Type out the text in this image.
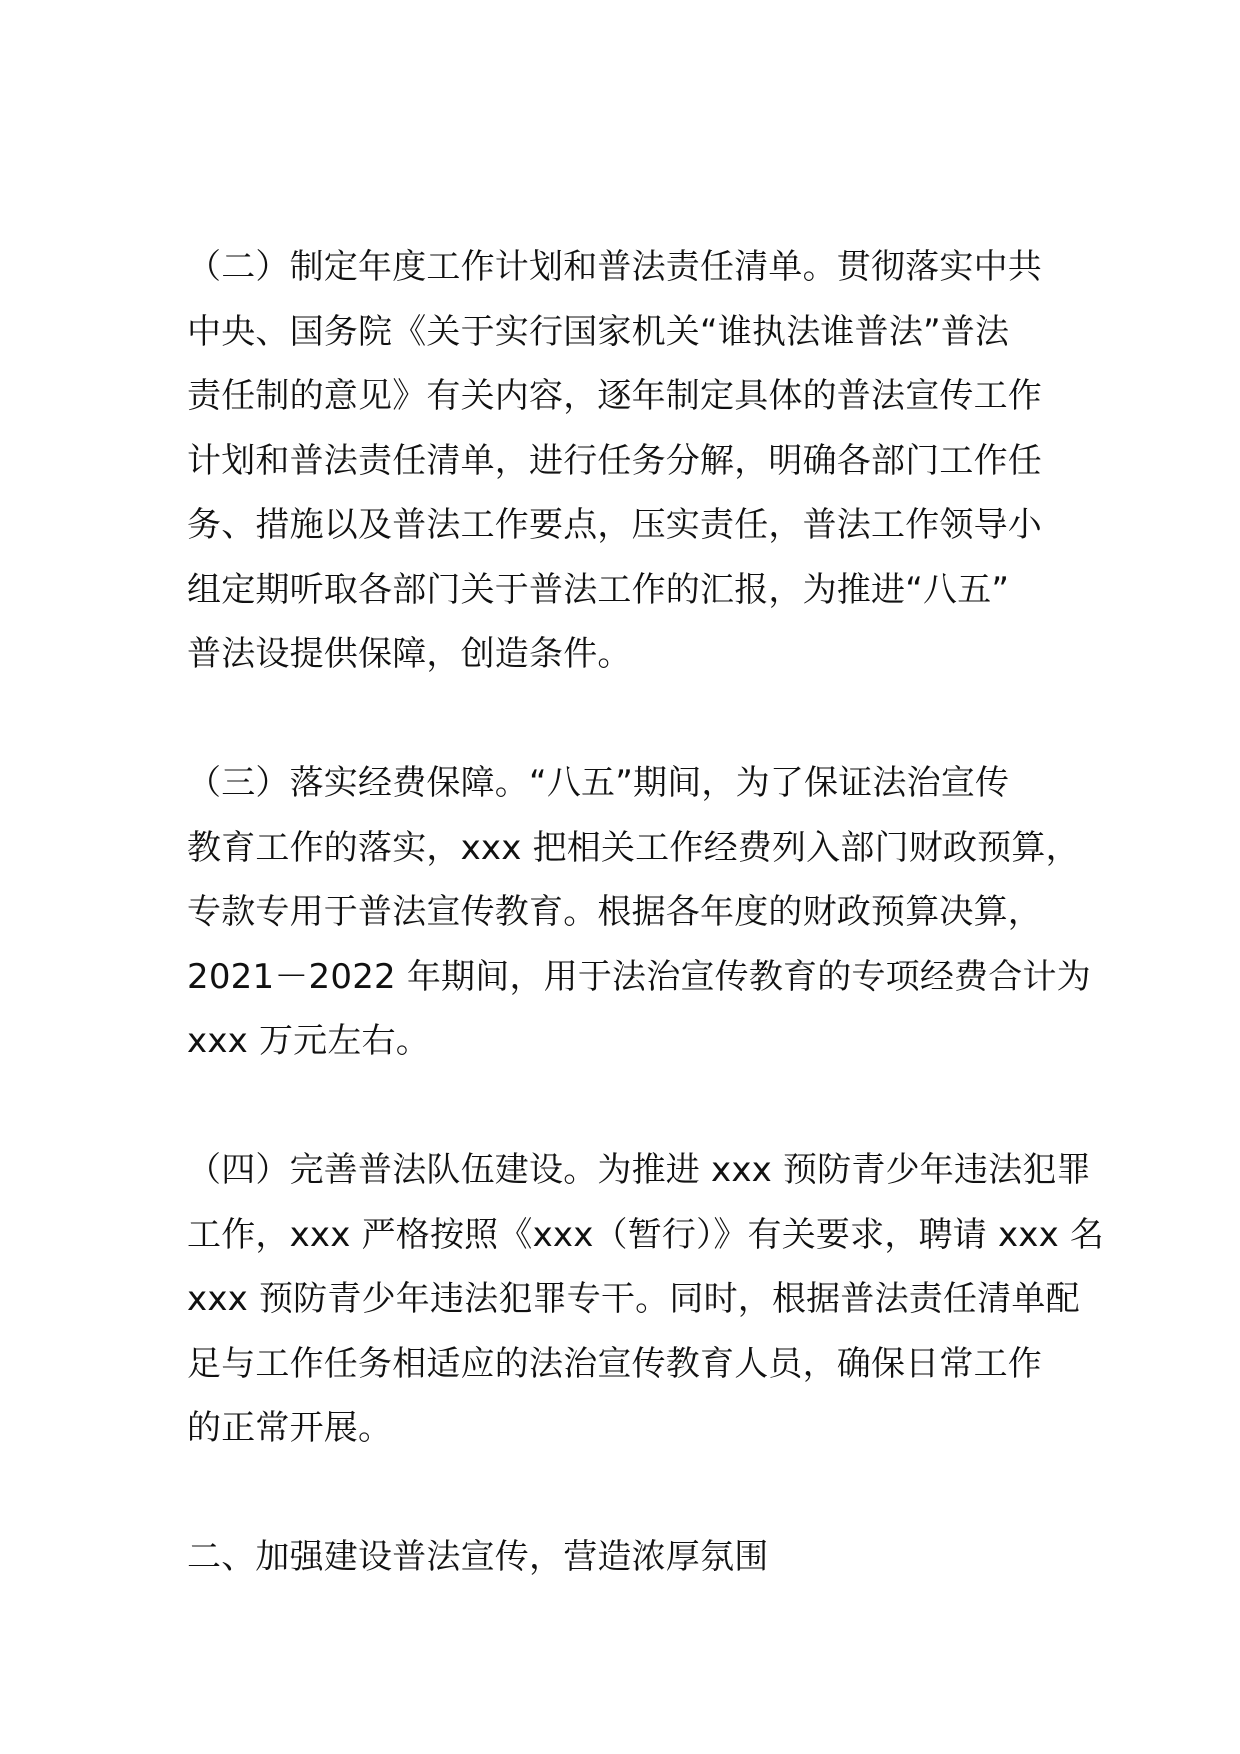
（二）制定年度工作计划和普法责任清单。贯彻落实中共
中央、国务院《关于实行国家机关“谁执法谁普法”普法
责任制的意见》有关内容，逐年制定具体的普法宣传工作
计划和普法责任清单，进行任务分解，明确各部门工作任
务、措施以及普法工作要点，压实责任，普法工作领导小
组定期听取各部门关于普法工作的汇报，为推进“八五”
普法设提供保障，创造条件。
（三）落实经费保障。“八五”期间，为了保证法治宣传
教育工作的落实，xxx 把相关工作经费列入部门财政预算，
专款专用于普法宣传教育。根据各年度的财政预算决算，
2021－2022 年期间，用于法治宣传教育的专项经费合计为
xxx 万元左右。
（四）完善普法队伍建设。为推进 xxx 预防青少年违法犯罪
工作，xxx 严格按照《xxx（暂行）》有关要求，聘请 xxx 名
xxx 预防青少年违法犯罪专干。同时，根据普法责任清单配
足与工作任务相适应的法治宣传教育人员，确保日常工作
的正常开展。
二、加强建设普法宣传，营造浓厚氛围
